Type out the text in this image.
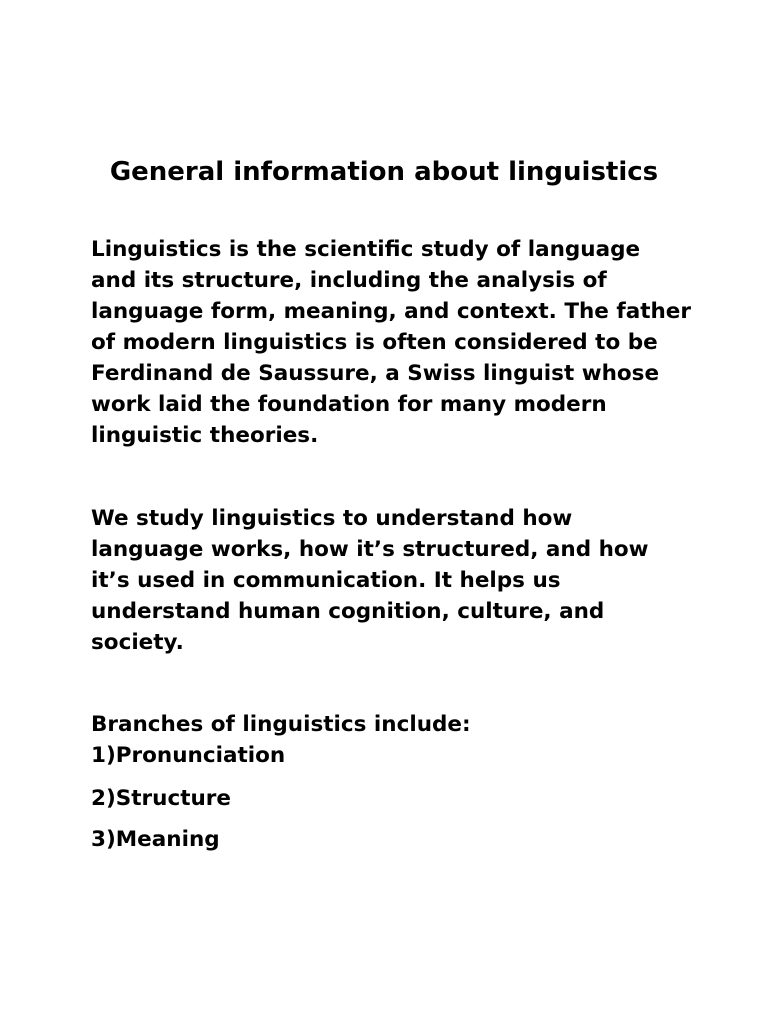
General information about linguistics

Linguistics is the scientific study of language and its structure, including the analysis of language form, meaning, and context. The father of modern linguistics is often considered to be Ferdinand de Saussure, a Swiss linguist whose work laid the foundation for many modern linguistic theories.

We study linguistics to understand how language works, how it’s structured, and how it’s used in communication. It helps us understand human cognition, culture, and society.

Branches of linguistics include:

1)Pronunciation

2)Structure

3)Meaning
